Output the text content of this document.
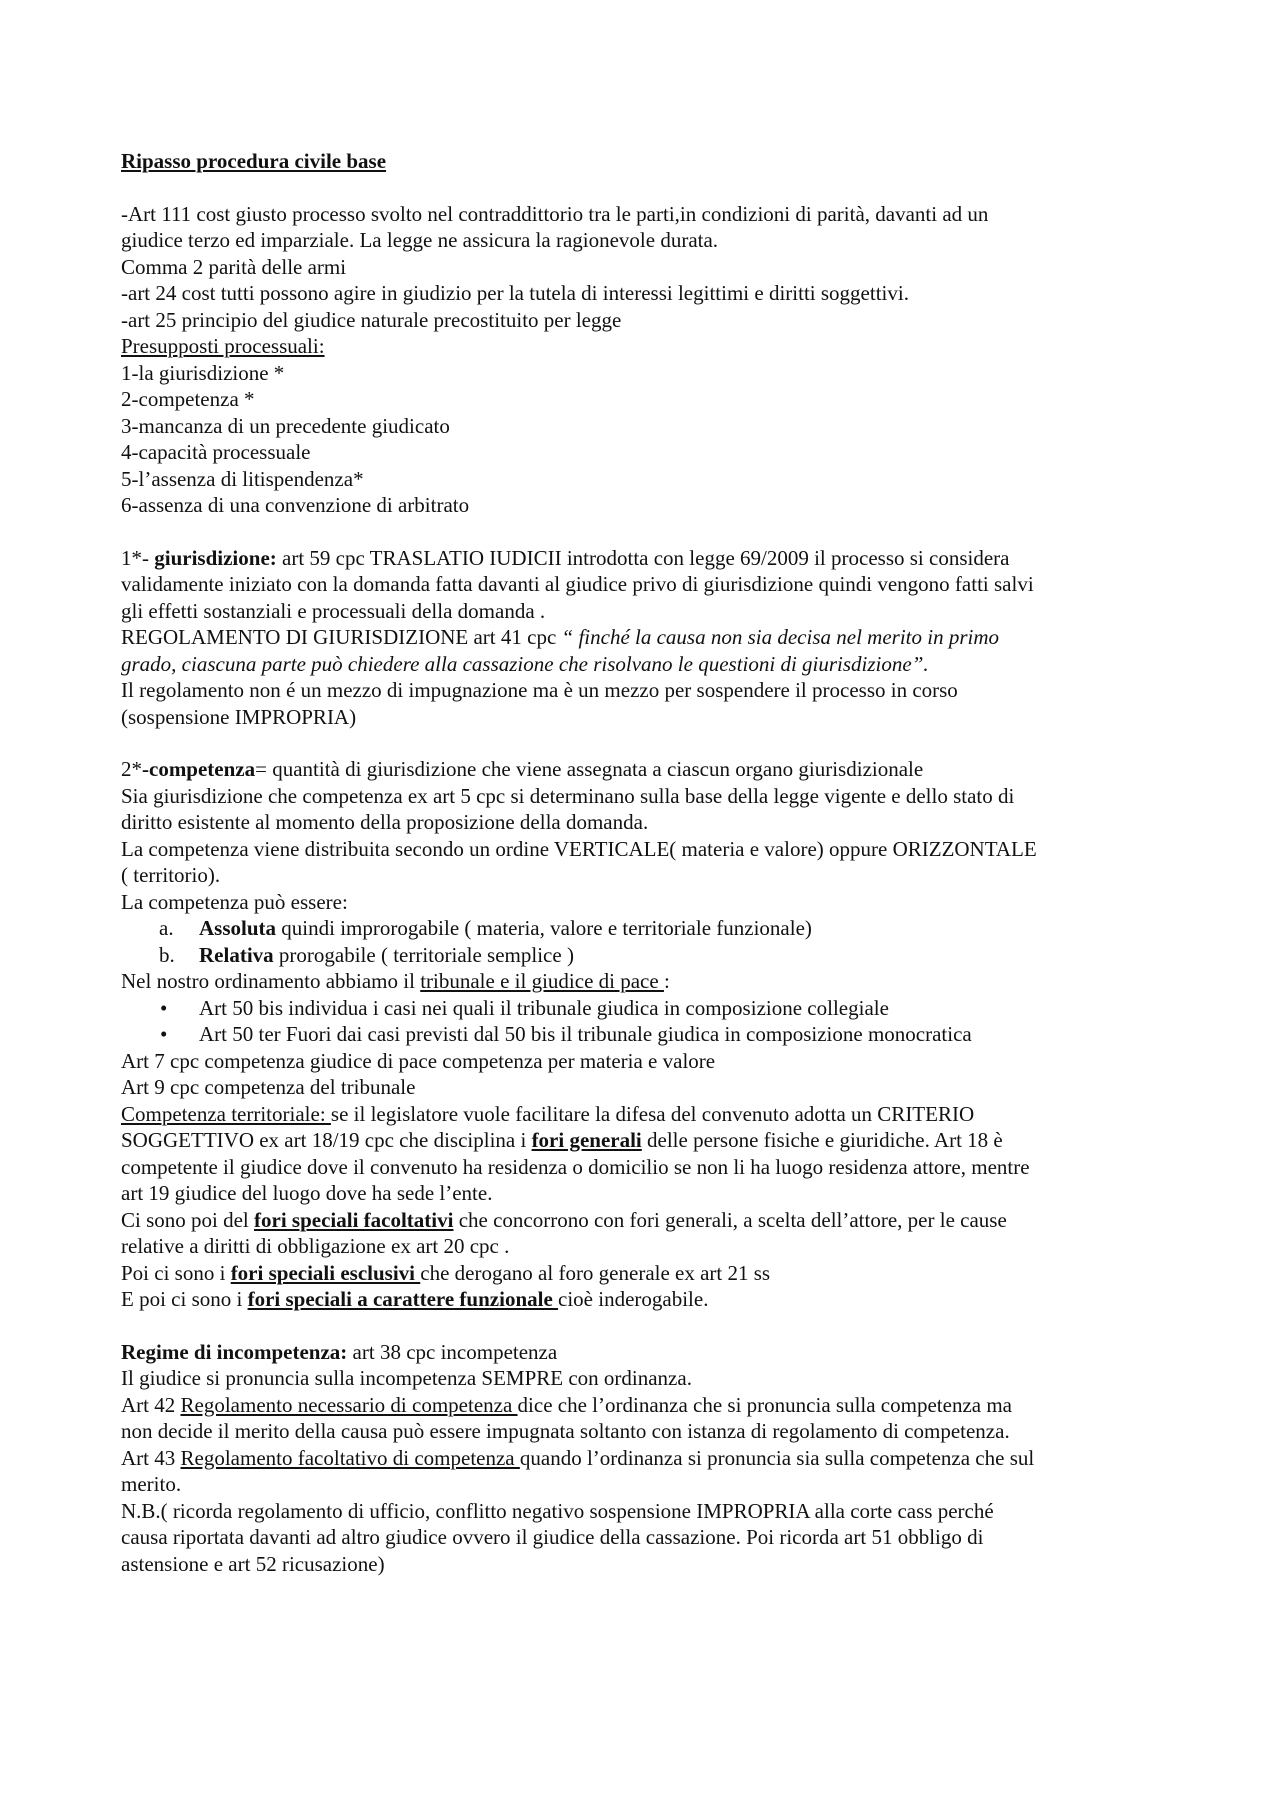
Ripasso procedura civile base
-Art 111 cost giusto processo svolto nel contraddittorio tra le parti,in condizioni di parità, davanti ad un
giudice terzo ed imparziale. La legge ne assicura la ragionevole durata.
Comma 2 parità delle armi
-art 24 cost tutti possono agire in giudizio per la tutela di interessi legittimi e diritti soggettivi.
-art 25 principio del giudice naturale precostituito per legge
Presupposti processuali:
1-la giurisdizione *
2-competenza *
3-mancanza di un precedente giudicato
4-capacità processuale
5-l’assenza di litispendenza*
6-assenza di una convenzione di arbitrato
1*- giurisdizione: art 59 cpc TRASLATIO IUDICII introdotta con legge 69/2009 il processo si considera
validamente iniziato con la domanda fatta davanti al giudice privo di giurisdizione quindi vengono fatti salvi
gli effetti sostanziali e processuali della domanda .
REGOLAMENTO DI GIURISDIZIONE art 41 cpc “ finché la causa non sia decisa nel merito in primo
grado, ciascuna parte può chiedere alla cassazione che risolvano le questioni di giurisdizione”.
Il regolamento non é un mezzo di impugnazione ma è un mezzo per sospendere il processo in corso
(sospensione IMPROPRIA)
2*-competenza= quantità di giurisdizione che viene assegnata a ciascun organo giurisdizionale
Sia giurisdizione che competenza ex art 5 cpc si determinano sulla base della legge vigente e dello stato di
diritto esistente al momento della proposizione della domanda.
La competenza viene distribuita secondo un ordine VERTICALE( materia e valore) oppure ORIZZONTALE
( territorio).
La competenza può essere:
a. Assoluta quindi improrogabile ( materia, valore e territoriale funzionale)
b. Relativa prorogabile ( territoriale semplice )
Nel nostro ordinamento abbiamo il tribunale e il giudice di pace :
• Art 50 bis individua i casi nei quali il tribunale giudica in composizione collegiale
• Art 50 ter Fuori dai casi previsti dal 50 bis il tribunale giudica in composizione monocratica
Art 7 cpc competenza giudice di pace competenza per materia e valore
Art 9 cpc competenza del tribunale
Competenza territoriale: se il legislatore vuole facilitare la difesa del convenuto adotta un CRITERIO
SOGGETTIVO ex art 18/19 cpc che disciplina i fori generali delle persone fisiche e giuridiche. Art 18 è
competente il giudice dove il convenuto ha residenza o domicilio se non li ha luogo residenza attore, mentre
art 19 giudice del luogo dove ha sede l’ente.
Ci sono poi del fori speciali facoltativi che concorrono con fori generali, a scelta dell’attore, per le cause
relative a diritti di obbligazione ex art 20 cpc .
Poi ci sono i fori speciali esclusivi che derogano al foro generale ex art 21 ss
E poi ci sono i fori speciali a carattere funzionale cioè inderogabile.
Regime di incompetenza: art 38 cpc incompetenza
Il giudice si pronuncia sulla incompetenza SEMPRE con ordinanza.
Art 42 Regolamento necessario di competenza dice che l’ordinanza che si pronuncia sulla competenza ma
non decide il merito della causa può essere impugnata soltanto con istanza di regolamento di competenza.
Art 43 Regolamento facoltativo di competenza quando l’ordinanza si pronuncia sia sulla competenza che sul
merito.
N.B.( ricorda regolamento di ufficio, conflitto negativo sospensione IMPROPRIA alla corte cass perché
causa riportata davanti ad altro giudice ovvero il giudice della cassazione. Poi ricorda art 51 obbligo di
astensione e art 52 ricusazione)
